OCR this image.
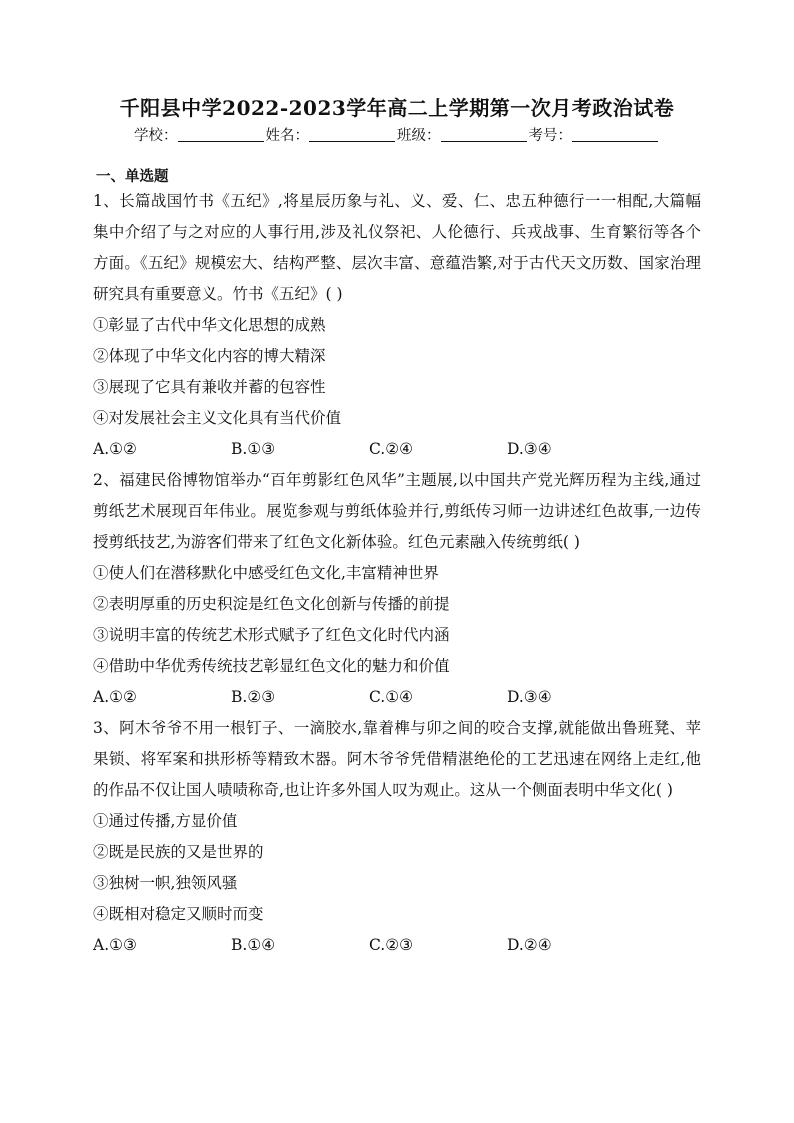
千阳县中学2022-2023学年高二上学期第一次月考政治试卷
学校：	姓名：	班级：	考号：
一、单选题

1、长篇战国竹书《五纪》,将星辰历象与礼、义、爱、仁、忠五种德行一一相配,大篇幅集中介绍了与之对应的人事行用,涉及礼仪祭祀、人伦德行、兵戎战事、生育繁衍等各个方面。《五纪》规模宏大、结构严整、层次丰富、意蕴浩繁,对于古代天文历数、国家治理研究具有重要意义。竹书《五纪》( )

①彰显了古代中华文化思想的成熟

②体现了中华文化内容的博大精深

③展现了它具有兼收并蓄的包容性

④对发展社会主义文化具有当代价值

A.①②	B.①③	C.②④	D.③④

2、福建民俗博物馆举办“百年剪影红色风华”主题展,以中国共产党光辉历程为主线,通过剪纸艺术展现百年伟业。展览参观与剪纸体验并行,剪纸传习师一边讲述红色故事,一边传授剪纸技艺,为游客们带来了红色文化新体验。红色元素融入传统剪纸( )

①使人们在潜移默化中感受红色文化,丰富精神世界

②表明厚重的历史积淀是红色文化创新与传播的前提

③说明丰富的传统艺术形式赋予了红色文化时代内涵

④借助中华优秀传统技艺彰显红色文化的魅力和价值

A.①②	B.②③	C.①④	D.③④

3、阿木爷爷不用一根钉子、一滴胶水,靠着榫与卯之间的咬合支撑,就能做出鲁班凳、苹果锁、将军案和拱形桥等精致木器。阿木爷爷凭借精湛绝伦的工艺迅速在网络上走红,他的作品不仅让国人啧啧称奇,也让许多外国人叹为观止。这从一个侧面表明中华文化( )

①通过传播,方显价值

②既是民族的又是世界的

③独树一帜,独领风骚

④既相对稳定又顺时而变

A.①③	B.①④	C.②③	D.②④
